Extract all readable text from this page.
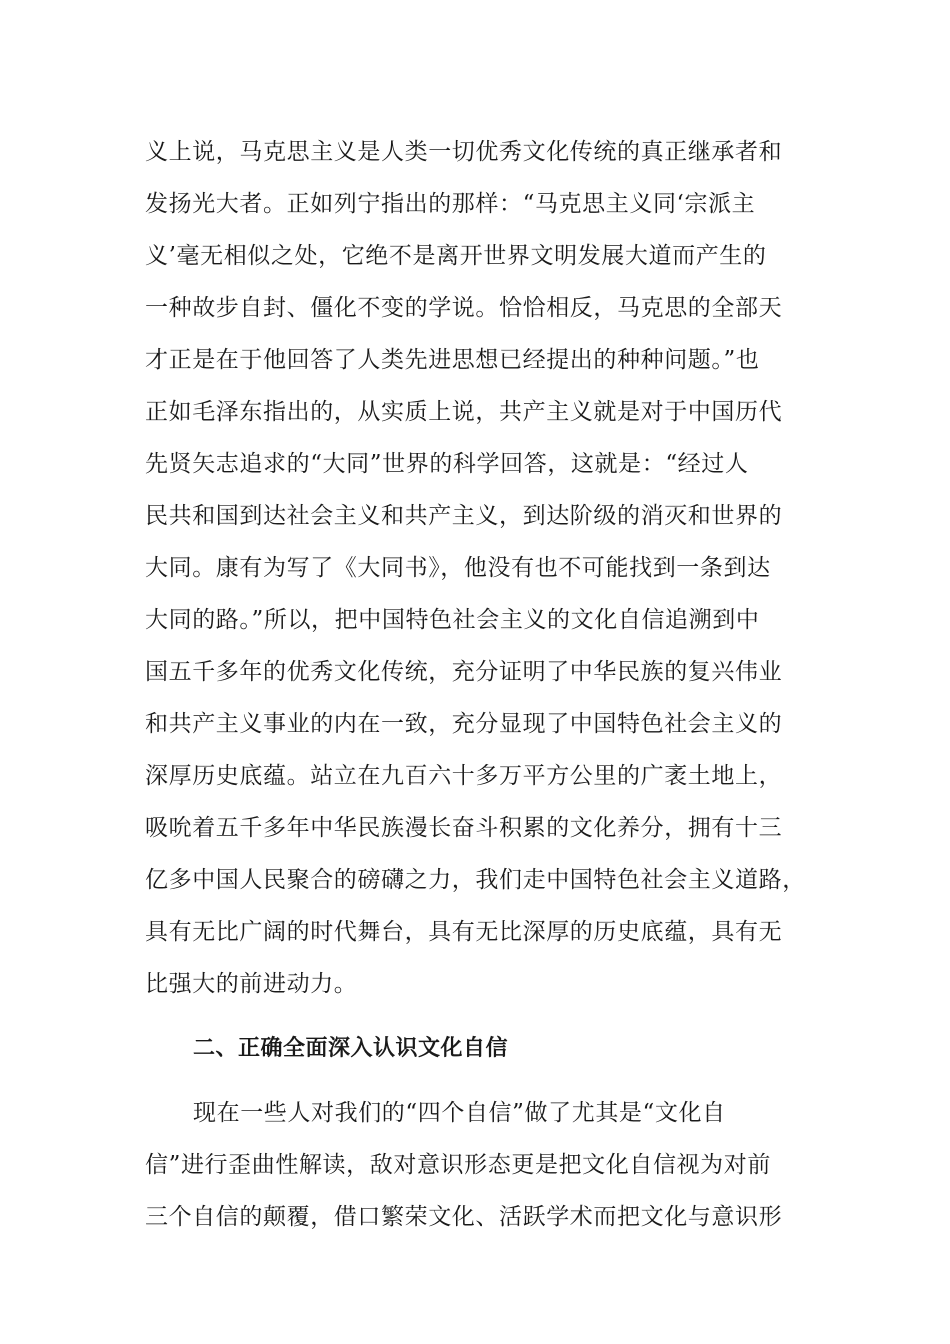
义上说，马克思主义是人类一切优秀文化传统的真正继承者和
发扬光大者。正如列宁指出的那样：“马克思主义同‘宗派主
义’毫无相似之处，它绝不是离开世界文明发展大道而产生的
一种故步自封、僵化不变的学说。恰恰相反，马克思的全部天
才正是在于他回答了人类先进思想已经提出的种种问题。”也
正如毛泽东指出的，从实质上说，共产主义就是对于中国历代
先贤矢志追求的“大同”世界的科学回答，这就是：“经过人
民共和国到达社会主义和共产主义，到达阶级的消灭和世界的
大同。康有为写了《大同书》，他没有也不可能找到一条到达
大同的路。”所以，把中国特色社会主义的文化自信追溯到中
国五千多年的优秀文化传统，充分证明了中华民族的复兴伟业
和共产主义事业的内在一致，充分显现了中国特色社会主义的
深厚历史底蕴。站立在九百六十多万平方公里的广袤土地上，
吸吮着五千多年中华民族漫长奋斗积累的文化养分，拥有十三
亿多中国人民聚合的磅礴之力，我们走中国特色社会主义道路，
具有无比广阔的时代舞台，具有无比深厚的历史底蕴，具有无
比强大的前进动力。
二、正确全面深入认识文化自信
现在一些人对我们的“四个自信”做了尤其是“文化自
信”进行歪曲性解读，敌对意识形态更是把文化自信视为对前
三个自信的颠覆，借口繁荣文化、活跃学术而把文化与意识形
